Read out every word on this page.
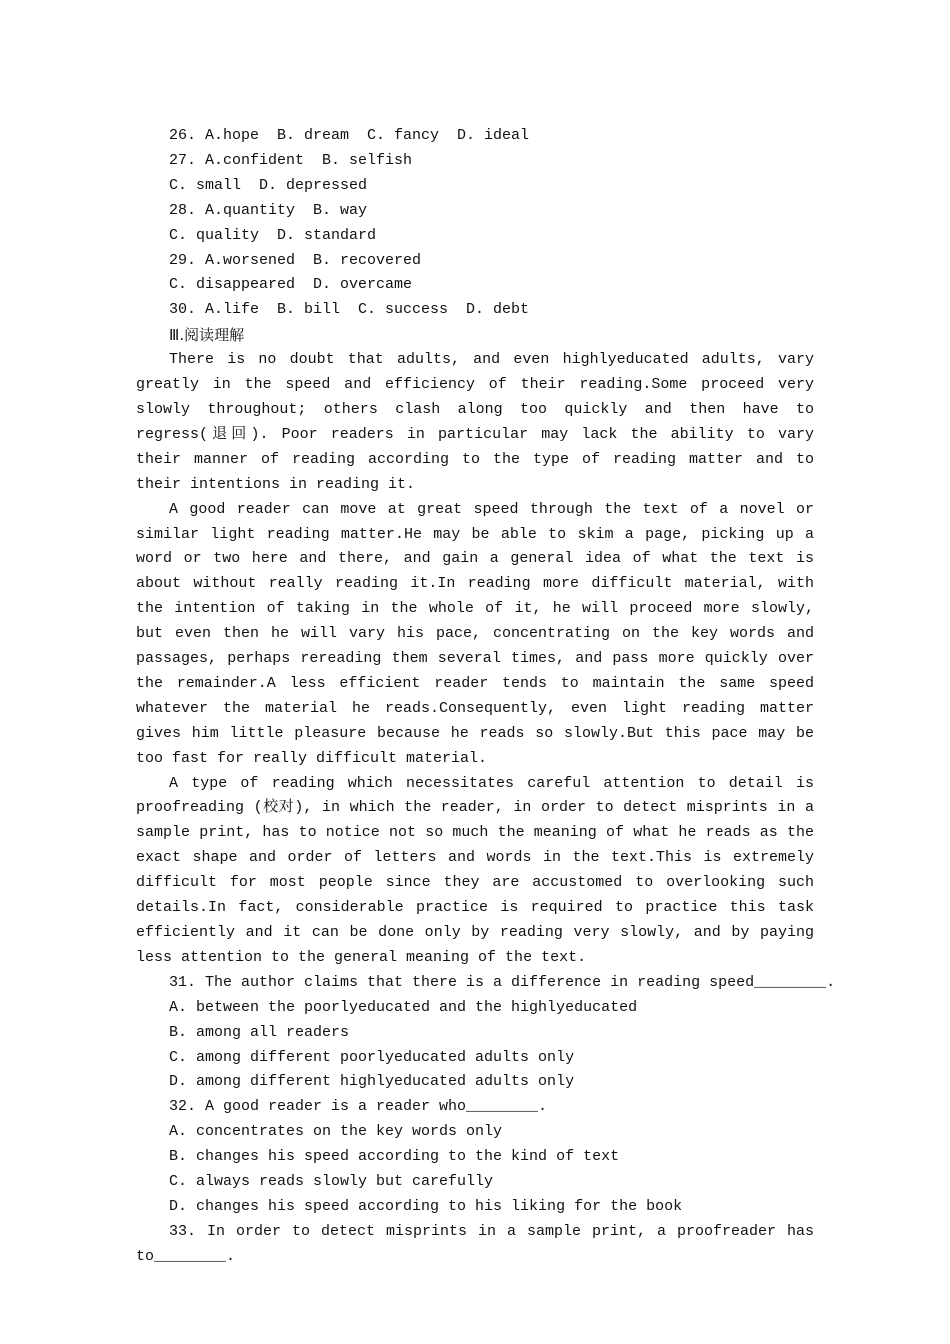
26. A.hope  B. dream  C. fancy  D. ideal
27. A.confident  B. selfish
C. small  D. depressed
28. A.quantity  B. way
C. quality  D. standard
29. A.worsened  B. recovered
C. disappeared  D. overcame
30. A.life  B. bill  C. success  D. debt
Ⅲ.阅读理解

There is no doubt that adults, and even highlyeducated adults, vary greatly in the speed and efficiency of their reading.Some proceed very slowly throughout; others clash along too quickly and then have to regress(退回). Poor readers in particular may lack the ability to vary their manner of reading according to the type of reading matter and to their intentions in reading it.

A good reader can move at great speed through the text of a novel or similar light reading matter.He may be able to skim a page, picking up a word or two here and there, and gain a general idea of what the text is about without really reading it.In reading more difficult material, with the intention of taking in the whole of it, he will proceed more slowly, but even then he will vary his pace, concentrating on the key words and passages, perhaps rereading them several times, and pass more quickly over the remainder.A less efficient reader tends to maintain the same speed whatever the material he reads.Consequently, even light reading matter gives him little pleasure because he reads so slowly.But this pace may be too fast for really difficult material.

A type of reading which necessitates careful attention to detail is proofreading (校对), in which the reader, in order to detect misprints in a sample print, has to notice not so much the meaning of what he reads as the exact shape and order of letters and words in the text.This is extremely difficult for most people since they are accustomed to overlooking such details.In fact, considerable practice is required to practice this task efficiently and it can be done only by reading very slowly, and by paying less attention to the general meaning of the text.

31. The author claims that there is a difference in reading speed________.
A. between the poorlyeducated and the highlyeducated
B. among all readers
C. among different poorlyeducated adults only
D. among different highlyeducated adults only
32. A good reader is a reader who________.
A. concentrates on the key words only
B. changes his speed according to the kind of text
C. always reads slowly but carefully
D. changes his speed according to his liking for the book

33. In order to detect misprints in a sample print, a proofreader has to________.
